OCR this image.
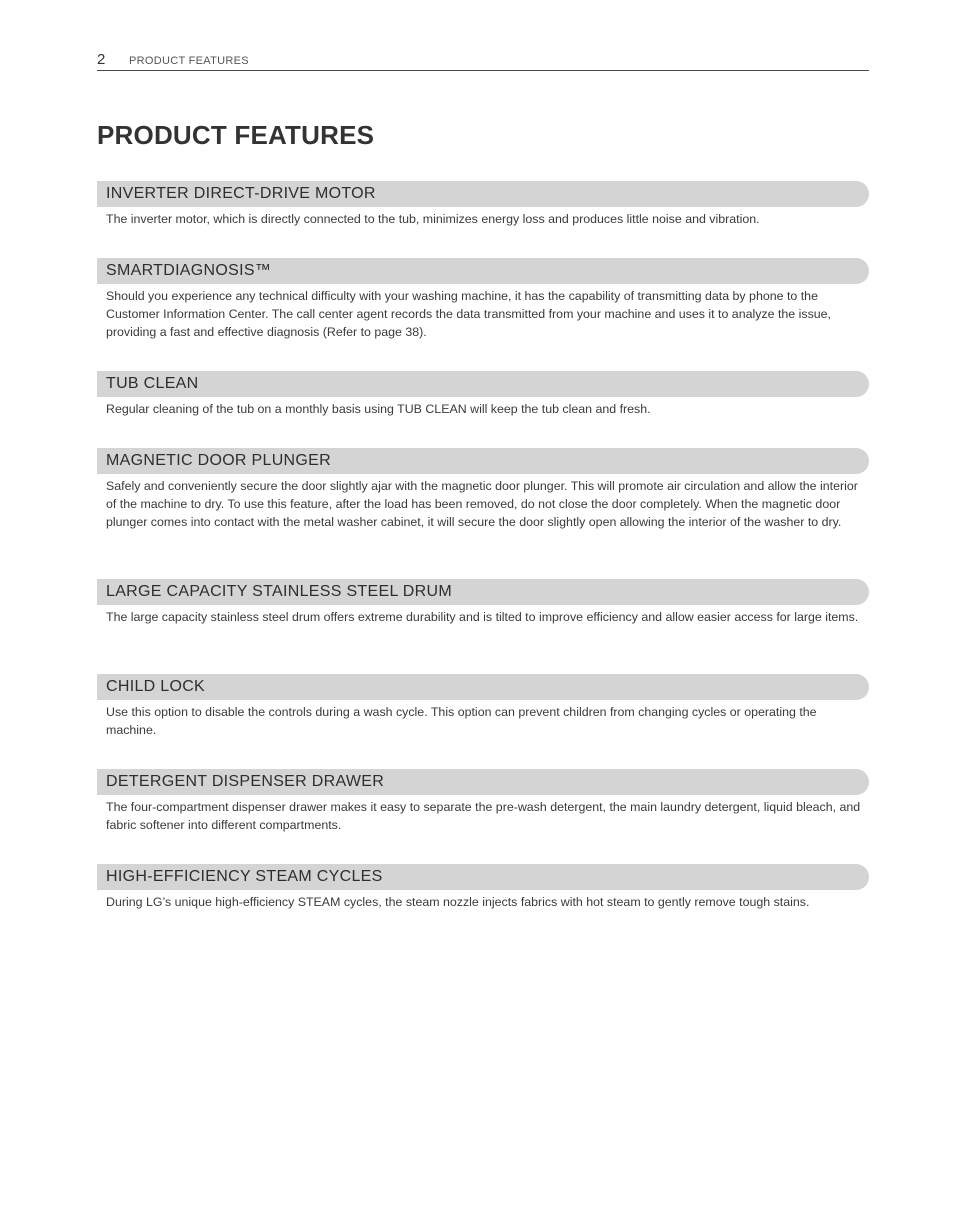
2 PRODUCT FEATURES
PRODUCT FEATURES
INVERTER DIRECT-DRIVE MOTOR

The inverter motor, which is directly connected to the tub, minimizes energy loss and produces little noise and vibration.

SMARTDIAGNOSIS™

Should you experience any technical difficulty with your washing machine, it has the capability of transmitting data by phone to the Customer Information Center. The call center agent records the data transmitted from your machine and uses it to analyze the issue, providing a fast and effective diagnosis (Refer to page 38).

TUB CLEAN

Regular cleaning of the tub on a monthly basis using TUB CLEAN will keep the tub clean and fresh.

MAGNETIC DOOR PLUNGER

Safely and conveniently secure the door slightly ajar with the magnetic door plunger. This will promote air circulation and allow the interior of the machine to dry. To use this feature, after the load has been removed, do not close the door completely. When the magnetic door plunger comes into contact with the metal washer cabinet, it will secure the door slightly open allowing the interior of the washer to dry.

LARGE CAPACITY STAINLESS STEEL DRUM

The large capacity stainless steel drum offers extreme durability and is tilted to improve efficiency and allow easier access for large items.

CHILD LOCK

Use this option to disable the controls during a wash cycle. This option can prevent children from changing cycles or operating the machine.

DETERGENT DISPENSER DRAWER

The four-compartment dispenser drawer makes it easy to separate the pre-wash detergent, the main laundry detergent, liquid bleach, and fabric softener into different compartments.

HIGH-EFFICIENCY STEAM CYCLES

During LG’s unique high-efficiency STEAM cycles, the steam nozzle injects fabrics with hot steam to gently remove tough stains.
